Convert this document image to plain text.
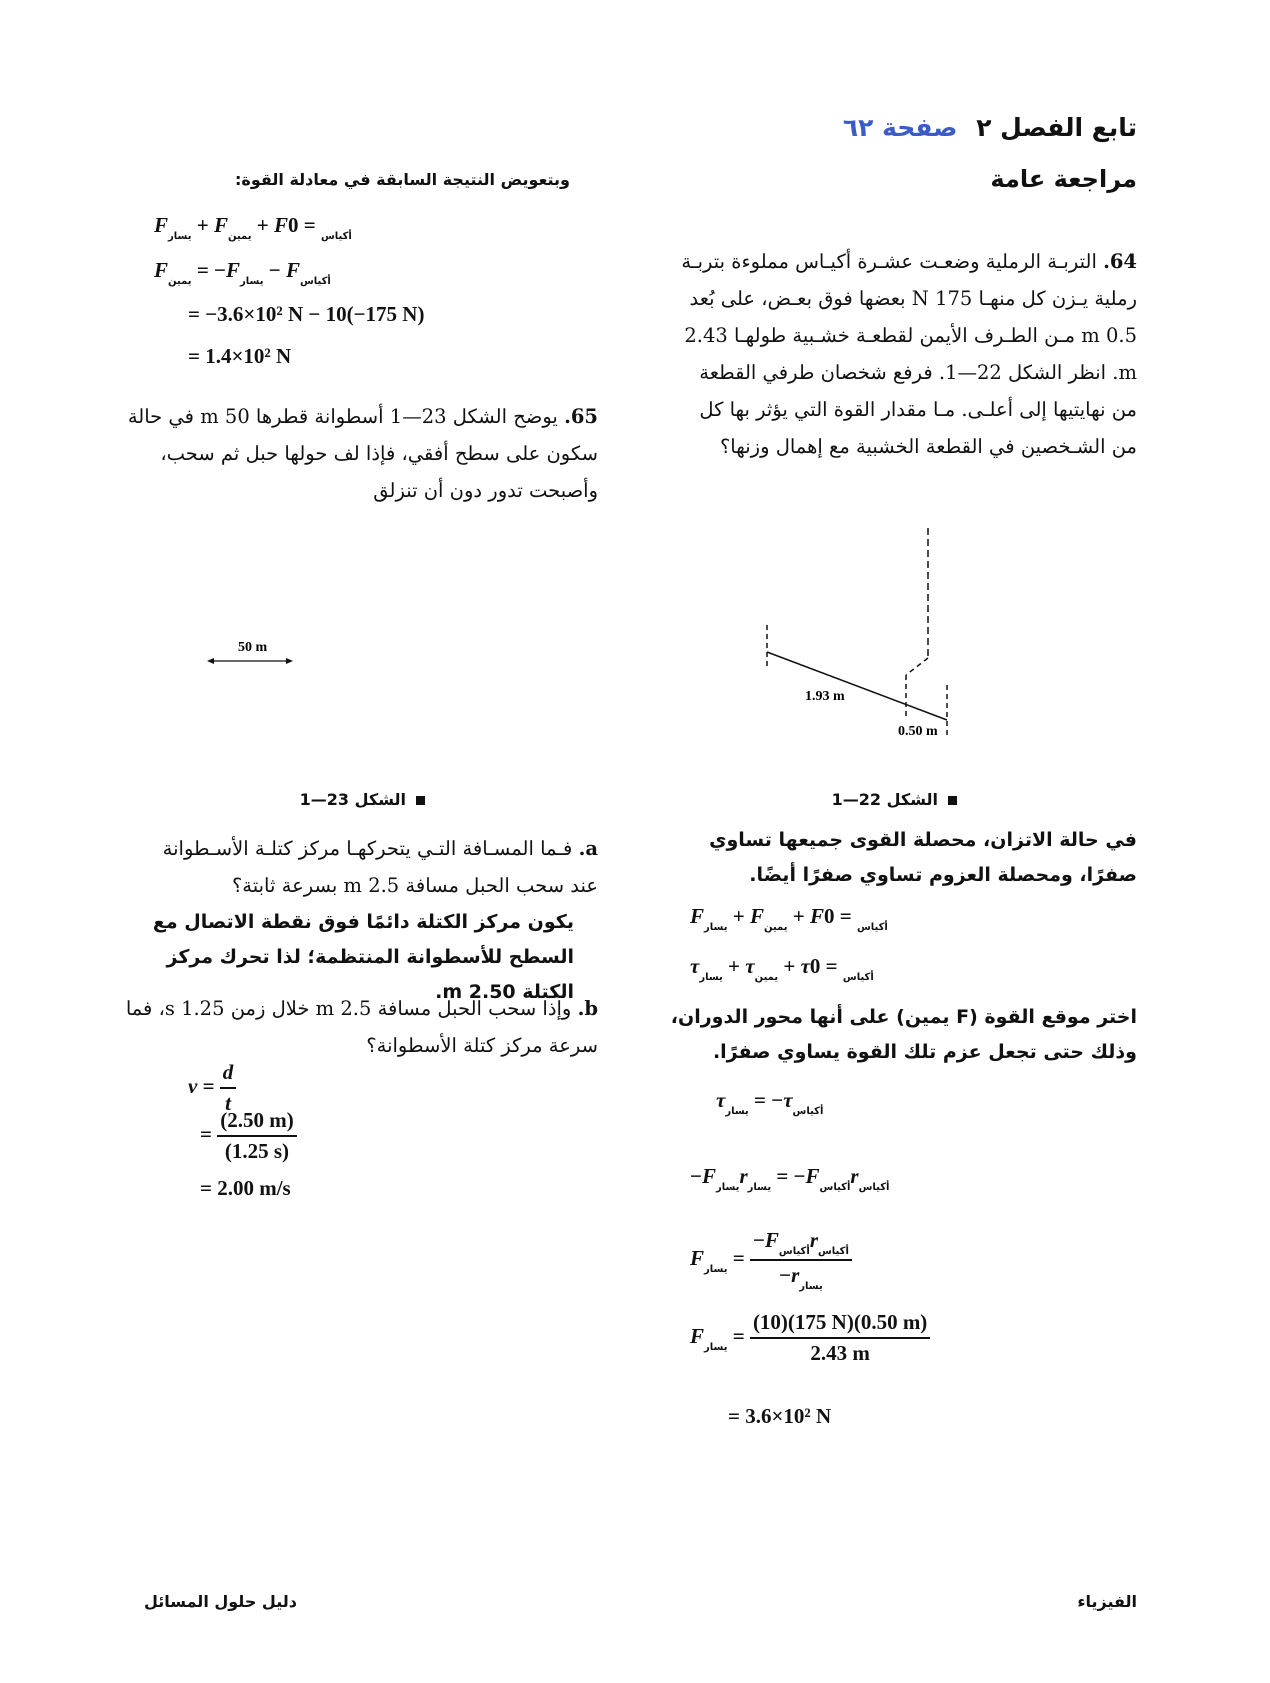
تابع الفصل ٢ صفحة ٦٢
مراجعة عامة
64. التربـة الرملية وضعـت عشـرة أكيـاس مملوءة بتربـة رملية يـزن كل منهـا 175 N بعضها فوق بعـض، على بُعد 0.5 m مـن الطـرف الأيمن لقطعـة خشـبية طولهـا 2.43 m. انظر الشكل 22—1. فرفع شخصان طرفي القطعة من نهايتيها إلى أعلـى. مـا مقدار القوة التي يؤثر بها كل من الشـخصين في القطعة الخشبية مع إهمال وزنها؟
1.93 m
0.50 m
الشكل 22—1
في حالة الاتزان، محصلة القوى جميعها تساوي صفرًا، ومحصلة العزوم تساوي صفرًا أيضًا.
$F_{يسار} + F_{يمين} + F$	$_{أكياس}$ = 0
$\tau_{يسار} + \tau_{يمين} + \tau$	$_{أكياس}$ = 0
اختر موقع القوة (F يمين) على أنها محور الدوران، وذلك حتى تجعل عزم تلك القوة يساوي صفرًا.
$\tau_{يسار} = -\tau_{أكياس}$
$-F_{يسار}r_{يسار} = -F_{أكياس}r_{أكياس}$
$F_{يسار} = \frac{-F_{أكياس}r_{أكياس}}{-r_{يسار}}$
$F_{يسار} = \frac{(10)(175 N)(0.50 m)}{2.43 m}$
= 3.6×10² N
وبتعويض النتيجة السابقة في معادلة القوة:
$F_{يسار} + F_{يمين} + F$	$_{أكياس}$ = 0
$F_{يمين} = -F_{يسار} - F_{أكياس}$
= −3.6×10² N − 10(−175 N)
= 1.4×10² N
65. يوضح الشكل 23—1 أسطوانة قطرها 50 m في حالة سكون على سطح أفقي، فإذا لف حولها حبل ثم سحب، وأصبحت تدور دون أن تنزلق
50 m
الشكل 23—1
a. فـما المسـافة التـي يتحركهـا مركز كتلـة الأسـطوانة عند سحب الحبل مسافة 2.5 m بسرعة ثابتة؟
يكون مركز الكتلة دائمًا فوق نقطة الاتصال مع السطح للأسطوانة المنتظمة؛ لذا تحرك مركز الكتلة 2.50 m.
b. وإذا سحب الحبل مسافة 2.5 m خلال زمن 1.25 s، فما سرعة مركز كتلة الأسطوانة؟
$v = \frac{d}{t}$
= $\frac{(2.50 m)}{(1.25 s)}$
= 2.00 m/s
الفيزياء
دليل حلول المسائل
